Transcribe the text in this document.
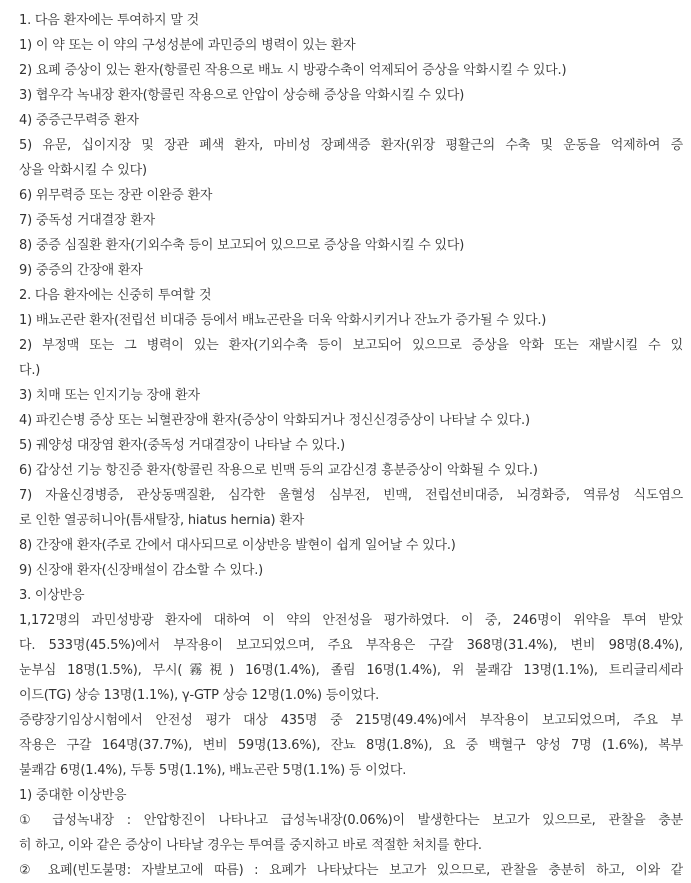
1. 다음 환자에는 투여하지 말 것
1) 이 약 또는 이 약의 구성성분에 과민증의 병력이 있는 환자
2) 요폐 증상이 있는 환자(항콜린 작용으로 배뇨 시 방광수축이 억제되어 증상을 악화시킬 수 있다.)
3) 협우각 녹내장 환자(항콜린 작용으로 안압이 상승해 증상을 악화시킬 수 있다)
4) 중증근무력증 환자
5) 유문, 십이지장 및 장관 폐색 환자, 마비성 장폐색증 환자(위장 평활근의 수축 및 운동을 억제하여 증
상을 악화시킬 수 있다)
6) 위무력증 또는 장관 이완증 환자
7) 중독성 거대결장 환자
8) 중증 심질환 환자(기외수축 등이 보고되어 있으므로 증상을 악화시킬 수 있다)
9) 중증의 간장애 환자
2. 다음 환자에는 신중히 투여할 것
1) 배뇨곤란 환자(전립선 비대증 등에서 배뇨곤란을 더욱 악화시키거나 잔뇨가 증가될 수 있다.)
2) 부정맥 또는 그 병력이 있는 환자(기외수축 등이 보고되어 있으므로 증상을 악화 또는 재발시킬 수 있
다.)
3) 치매 또는 인지기능 장애 환자
4) 파킨슨병 증상 또는 뇌혈관장애 환자(증상이 악화되거나 정신신경증상이 나타날 수 있다.)
5) 궤양성 대장염 환자(중독성 거대결장이 나타날 수 있다.)
6) 갑상선 기능 항진증 환자(항콜린 작용으로 빈맥 등의 교감신경 흥분증상이 악화될 수 있다.)
7) 자율신경병증, 관상동맥질환, 심각한 울혈성 심부전, 빈맥, 전립선비대증, 뇌경화증, 역류성 식도염으
로 인한 열공허니아(틈새탈장, hiatus hernia) 환자
8) 간장애 환자(주로 간에서 대사되므로 이상반응 발현이 쉽게 일어날 수 있다.)
9) 신장애 환자(신장배설이 감소할 수 있다.)
3. 이상반응
1,172명의 과민성방광 환자에 대하여 이 약의 안전성을 평가하였다. 이 중, 246명이 위약을 투여 받았
다. 533명(45.5%)에서 부작용이 보고되었으며, 주요 부작용은 구갈 368명(31.4%), 변비 98명(8.4%),
눈부심 18명(1.5%), 무시(霧視) 16명(1.4%), 졸림 16명(1.4%), 위 불쾌감 13명(1.1%), 트리글리세라
이드(TG) 상승 13명(1.1%), γ-GTP 상승 12명(1.0%) 등이었다.
증량장기임상시험에서 안전성 평가 대상 435명 중 215명(49.4%)에서 부작용이 보고되었으며, 주요 부
작용은 구갈 164명(37.7%), 변비 59명(13.6%), 잔뇨 8명(1.8%), 요 중 백혈구 양성 7명 (1.6%), 복부
불쾌감 6명(1.4%), 두통 5명(1.1%), 배뇨곤란 5명(1.1%) 등 이었다.
1) 중대한 이상반응
① 급성녹내장 : 안압항진이 나타나고 급성녹내장(0.06%)이 발생한다는 보고가 있으므로, 관찰을 충분
히 하고, 이와 같은 증상이 나타날 경우는 투여를 중지하고 바로 적절한 처치를 한다.
② 요폐(빈도불명: 자발보고에 따름) : 요폐가 나타났다는 보고가 있으므로, 관찰을 충분히 하고, 이와 같
